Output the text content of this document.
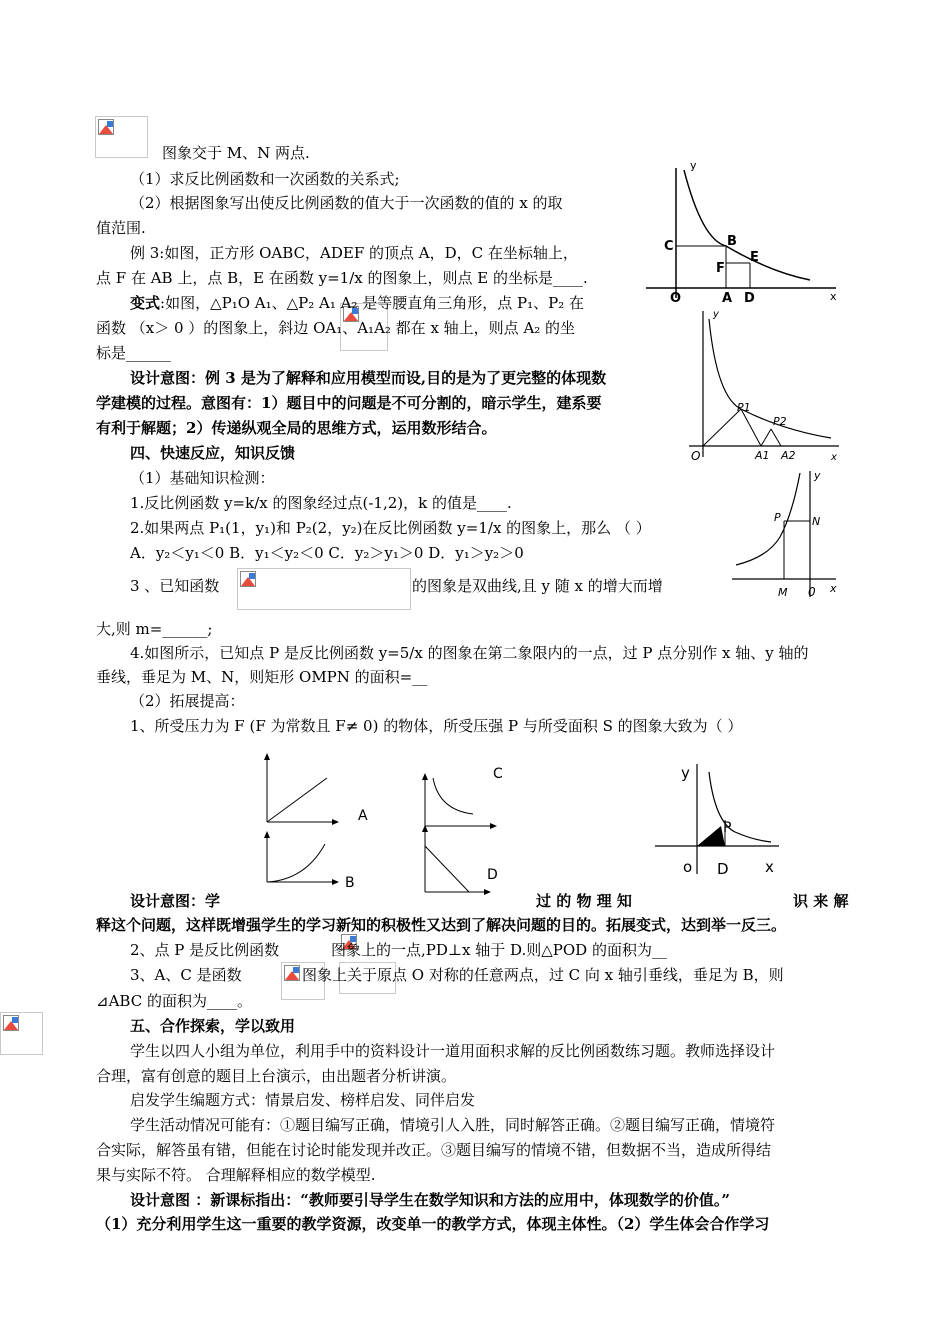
图象交于 M、N 两点.
（1）求反比例函数和一次函数的关系式;
（2）根据图象写出使反比例函数的值大于一次函数的值的 x 的取
值范围.
例 3:如图，正方形 OABC，ADEF 的顶点 A，D，C 在坐标轴上，
点 F 在 AB 上，点 B，E 在函数 y=1/x 的图象上，则点 E 的坐标是____.
变式:如图，△P₁O A₁、△P₂ A₁ A₂ 是等腰直角三角形，点 P₁、P₂ 在
函数 （x＞ 0 ）的图象上，斜边 OA₁、A₁A₂ 都在 x 轴上，则点 A₂ 的坐
标是______
设计意图：例 3 是为了解释和应用模型而设,目的是为了更完整的体现数
学建模的过程。意图有：1）题目中的问题是不可分割的，暗示学生，建系要
有利于解题；2）传递纵观全局的思维方式，运用数形结合。
四、快速反应，知识反馈
（1）基础知识检测：
1.反比例函数 y=k/x 的图象经过点(-1,2)，k 的值是____.
2.如果两点 P₁(1，y₁)和 P₂(2，y₂)在反比例函数 y=1/x 的图象上，那么 （ ）
A．y₂＜y₁＜0 B．y₁＜y₂＜0 C．y₂＞y₁＞0 D．y₁＞y₂＞0
3 、已知函数	的图象是双曲线,且 y 随 x 的增大而增
大,则 m=______;
4.如图所示，已知点 P 是反比例函数 y=5/x 的图象在第二象限内的一点，过 P 点分别作 x 轴、y 轴的
垂线，垂足为 M、N，则矩形 OMPN 的面积=__
（2）拓展提高：
1、所受压力为 F (F 为常数且 F≠ 0) 的物体，所受压强 P 与所受面积 S 的图象大致为（ ）
设计意图：学	过 的 物 理 知	识 来 解
释这个问题，这样既增强学生的学习新知的积极性又达到了解决问题的目的。拓展变式，达到举一反三。
2、点 P 是反比例函数	图象上的一点,PD⊥x 轴于 D.则△POD 的面积为__
3、A、C 是函数	图象上关于原点 O 对称的任意两点，过 C 向 x 轴引垂线，垂足为 B，则
⊿ABC 的面积为____。
五、合作探索，学以致用
学生以四人小组为单位，利用手中的资料设计一道用面积求解的反比例函数练习题。教师选择设计
合理，富有创意的题目上台演示，由出题者分析讲演。
启发学生编题方式：情景启发、榜样启发、同伴启发
学生活动情况可能有：①题目编写正确，情境引人入胜，同时解答正确。②题目编写正确，情境符
合实际，解答虽有错，但能在讨论时能发现并改正。③题目编写的情境不错，但数据不当，造成所得结
果与实际不符。 合理解释相应的数学模型.
设计意图 ：新课标指出：“教师要引导学生在数学知识和方法的应用中，体现数学的价值。”
（1）充分利用学生这一重要的教学资源，改变单一的教学方式，体现主体性。（2）学生体会合作学习
y
x
O	A D
C	B
E
F
y
x
O
P1
P2
A1 A2
y
x
0
P	N
M
A
B
C
D
y
x
o
P
D
